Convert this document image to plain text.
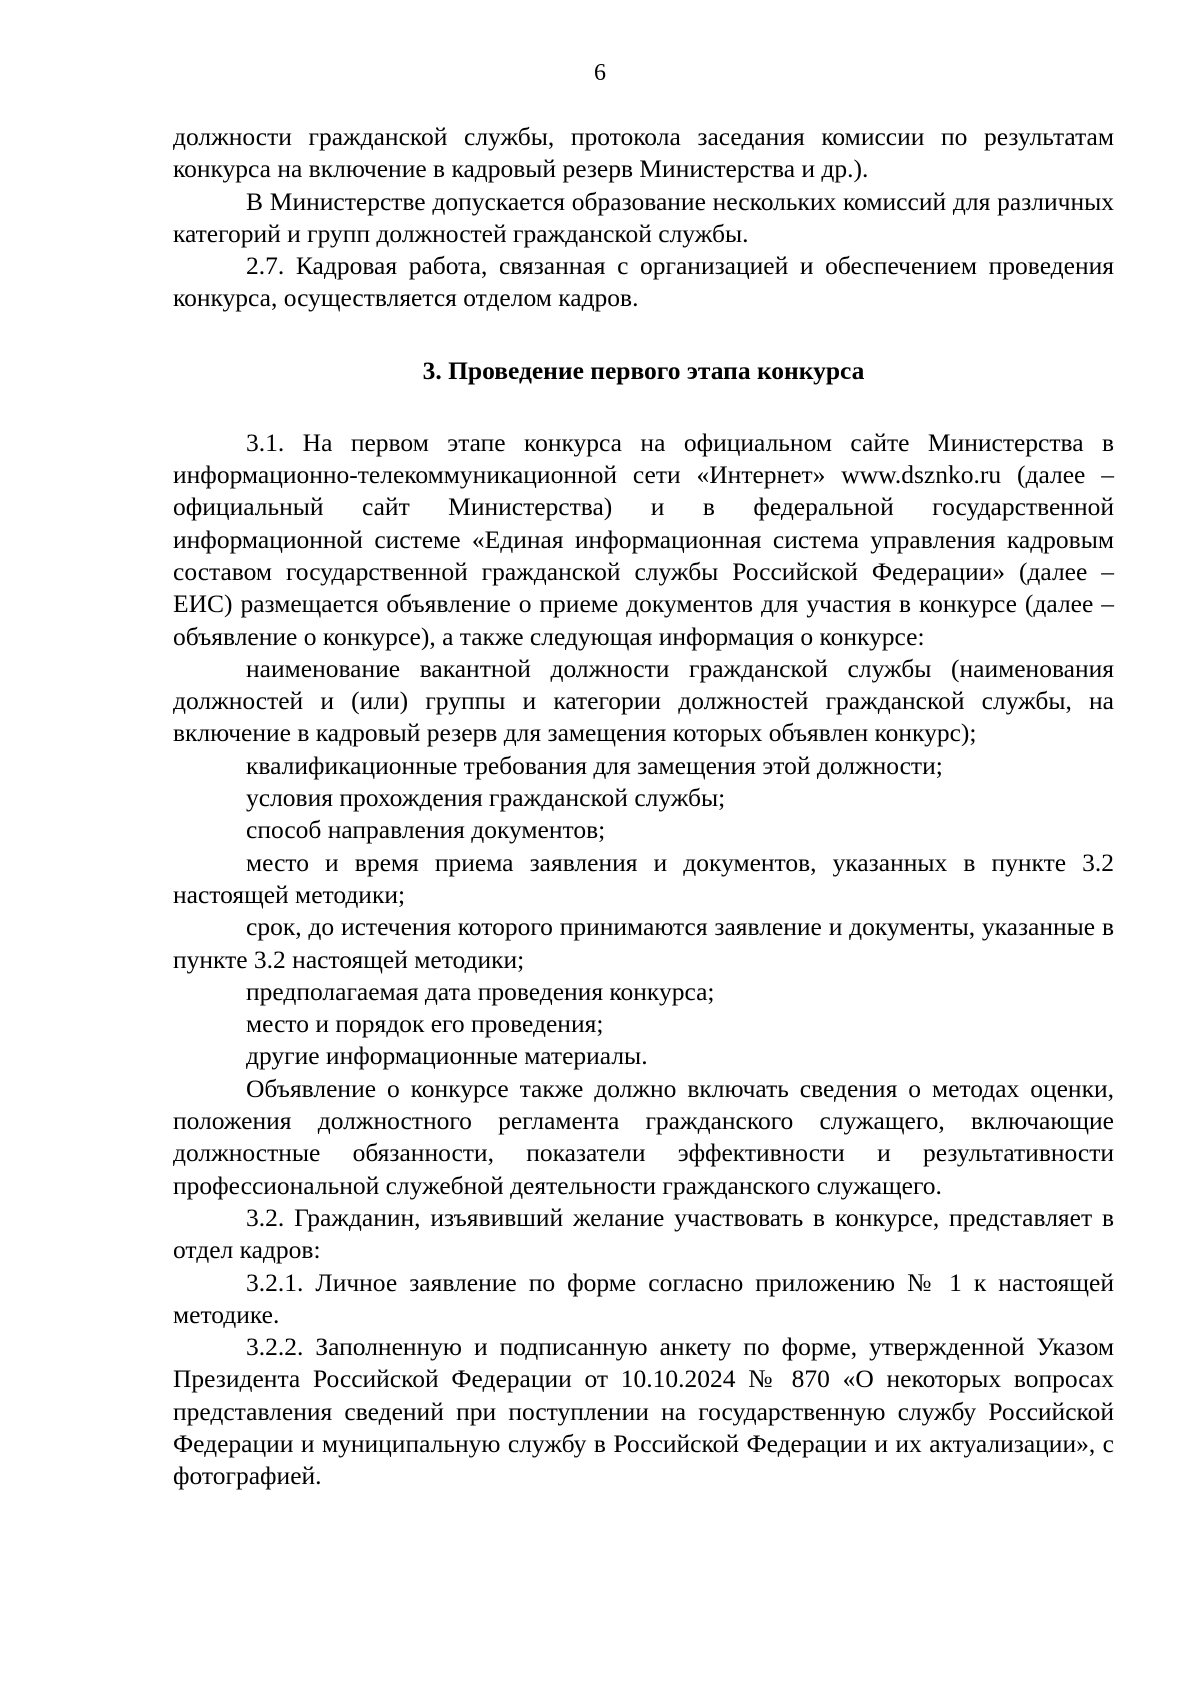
6

должности гражданской службы, протокола заседания комиссии по результатам конкурса на включение в кадровый резерв Министерства и др.).

В Министерстве допускается образование нескольких комиссий для различных категорий и групп должностей гражданской службы.

2.7. Кадровая работа, связанная с организацией и обеспечением проведения конкурса, осуществляется отделом кадров.

3. Проведение первого этапа конкурса

3.1. На первом этапе конкурса на официальном сайте Министерства в информационно-телекоммуникационной сети «Интернет» www.dsznko.ru (далее – официальный сайт Министерства) и в федеральной государственной информационной системе «Единая информационная система управления кадровым составом государственной гражданской службы Российской Федерации» (далее – ЕИС) размещается объявление о приеме документов для участия в конкурсе (далее – объявление о конкурсе), а также следующая информация о конкурсе:

наименование вакантной должности гражданской службы (наименования должностей и (или) группы и категории должностей гражданской службы, на включение в кадровый резерв для замещения которых объявлен конкурс);

квалификационные требования для замещения этой должности;

условия прохождения гражданской службы;

способ направления документов;

место и время приема заявления и документов, указанных в пункте 3.2 настоящей методики;

срок, до истечения которого принимаются заявление и документы, указанные в пункте 3.2 настоящей методики;

предполагаемая дата проведения конкурса;

место и порядок его проведения;

другие информационные материалы.

Объявление о конкурсе также должно включать сведения о методах оценки, положения должностного регламента гражданского служащего, включающие должностные обязанности, показатели эффективности и результативности профессиональной служебной деятельности гражданского служащего.

3.2. Гражданин, изъявивший желание участвовать в конкурсе, представляет в отдел кадров:

3.2.1. Личное заявление по форме согласно приложению № 1 к настоящей методике.

3.2.2. Заполненную и подписанную анкету по форме, утвержденной Указом Президента Российской Федерации от 10.10.2024 № 870 «О некоторых вопросах представления сведений при поступлении на государственную службу Российской Федерации и муниципальную службу в Российской Федерации и их актуализации», с фотографией.
